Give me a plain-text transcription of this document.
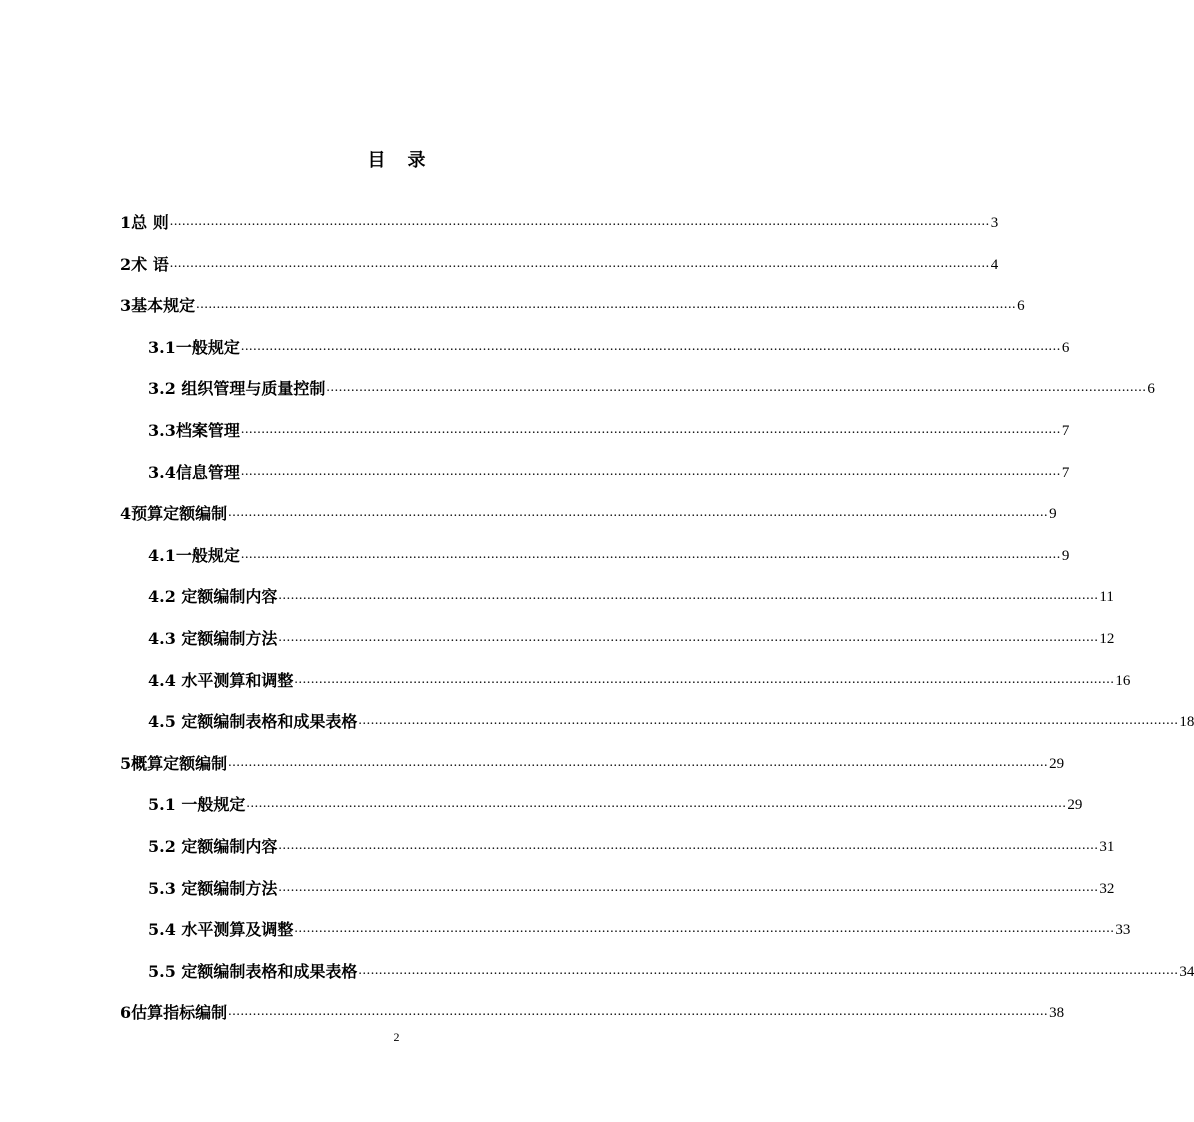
目 录
1 总 则 ........................................................................................................................................................................................................ 3
2 术 语 ........................................................................................................................................................................................................ 4
3 基本规定 ........................................................................................................................................................................................................ 6
3.1 一般规定 ........................................................................................................................................................................................................ 6
3.2 组织管理与质量控制 ........................................................................................................................................................................................................ 6
3.3 档案管理 ........................................................................................................................................................................................................ 7
3.4 信息管理 ........................................................................................................................................................................................................ 7
4 预算定额编制 ........................................................................................................................................................................................................ 9
4.1 一般规定 ........................................................................................................................................................................................................ 9
4.2 定额编制内容 ........................................................................................................................................................................................................ 11
4.3 定额编制方法 ........................................................................................................................................................................................................ 12
4.4 水平测算和调整 ........................................................................................................................................................................................................ 16
4.5 定额编制表格和成果表格 ........................................................................................................................................................................................................ 18
5 概算定额编制 ........................................................................................................................................................................................................ 29
5.1 一般规定 ........................................................................................................................................................................................................ 29
5.2 定额编制内容 ........................................................................................................................................................................................................ 31
5.3 定额编制方法 ........................................................................................................................................................................................................ 32
5.4 水平测算及调整 ........................................................................................................................................................................................................ 33
5.5 定额编制表格和成果表格 ........................................................................................................................................................................................................ 34
6 估算指标编制 ........................................................................................................................................................................................................ 38
2
